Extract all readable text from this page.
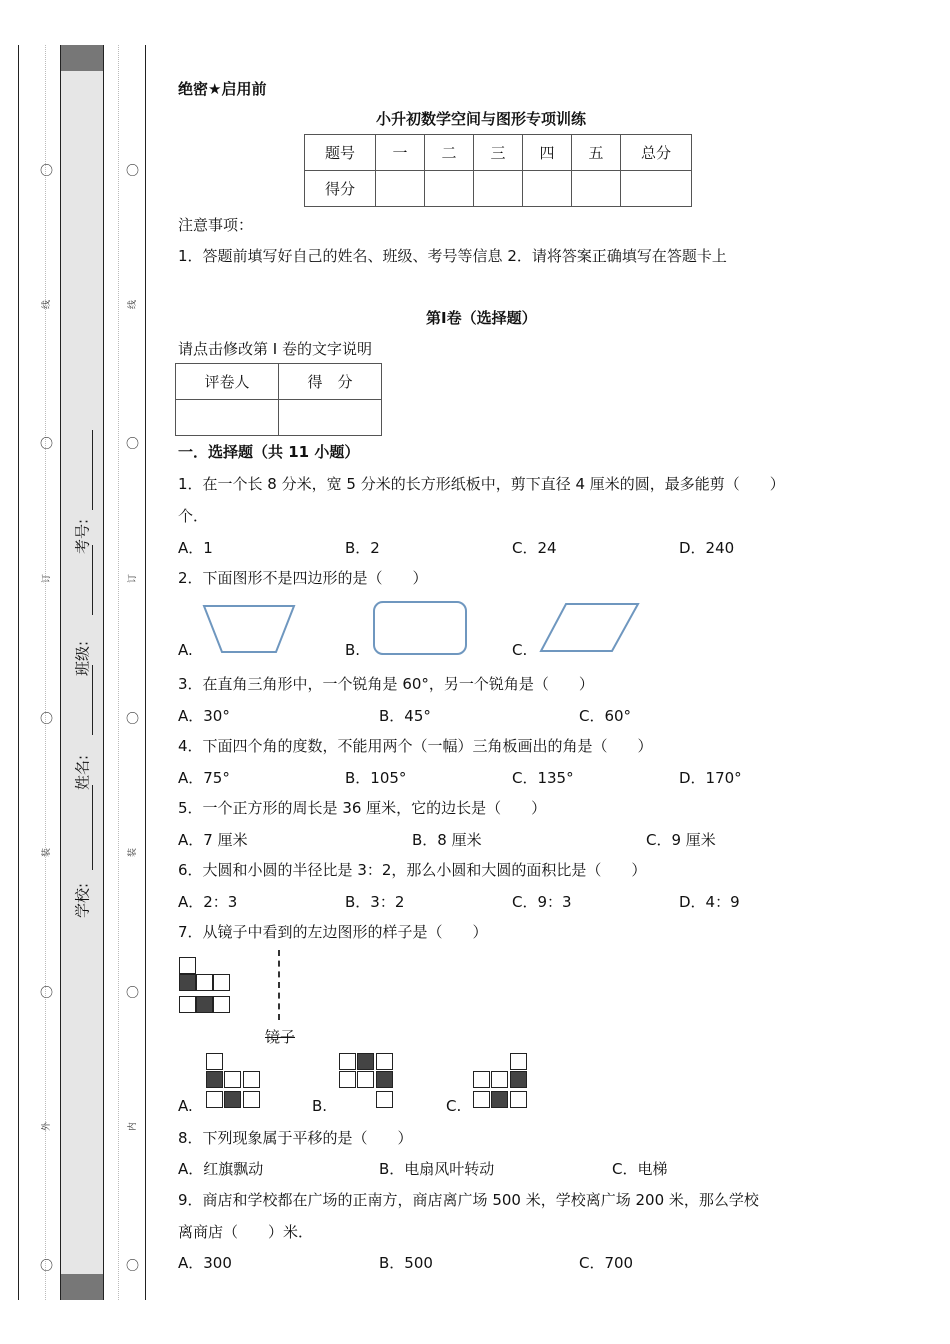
〇
〇
〇
〇
〇
〇
〇
〇
〇
〇
线
订
装
外
线
订
装
内
考号:
班级:
姓名:
学校:
绝密★启用前
小升初数学空间与图形专项训练
题号	一	二	三	四	五	总分
得分						
注意事项：
1．答题前填写好自己的姓名、班级、考号等信息 2．请将答案正确填写在答题卡上
第Ⅰ卷（选择题）
请点击修改第 I 卷的文字说明
评卷人	得　分

一．选择题（共 11 小题）
1．在一个长 8 分米，宽 5 分米的长方形纸板中，剪下直径 4 厘米的圆，最多能剪（　　）
个．
A．1	B．2	C．24	D．240
2．下面图形不是四边形的是（　　）
A.	B.	C.
3．在直角三角形中，一个锐角是 60°，另一个锐角是（　　）
A．30°	B．45°	C．60°
4．下面四个角的度数，不能用两个（一幅）三角板画出的角是（　　）
A．75°	B．105°	C．135°	D．170°
5．一个正方形的周长是 36 厘米，它的边长是（　　）
A．7 厘米	B．8 厘米	C．9 厘米
6．大圆和小圆的半径比是 3：2，那么小圆和大圆的面积比是（　　）
A．2：3	B．3：2	C．9：3	D．4：9
7．从镜子中看到的左边图形的样子是（　　）
镜子
A.	B.	C.
8．下列现象属于平移的是（　　）
A．红旗飘动	B．电扇风叶转动	C．电梯
9．商店和学校都在广场的正南方，商店离广场 500 米，学校离广场 200 米，那么学校
离商店（　　）米．
A．300	B．500	C．700
